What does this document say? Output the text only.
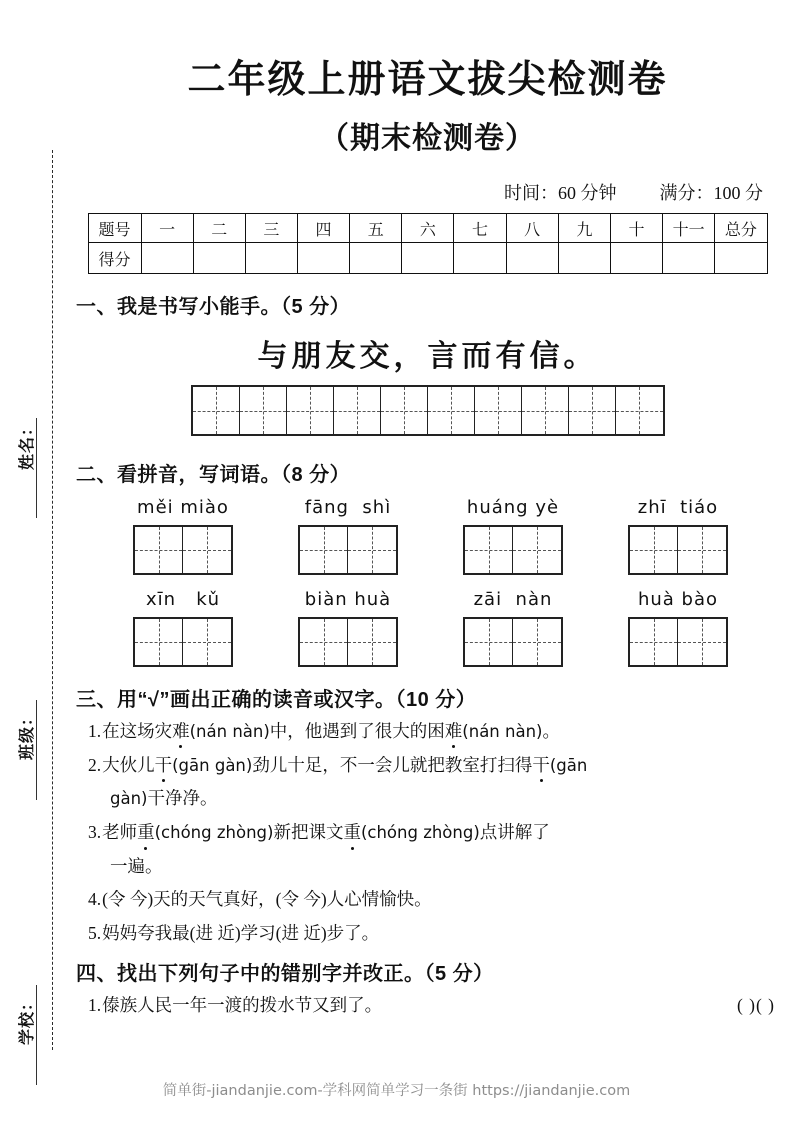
姓名：
班级：
学校：
二年级上册语文拔尖检测卷
（期末检测卷）
时间：60 分钟 满分：100 分
题号	一	二	三	四	五	六	七	八	九	十	十一	总分
得分												
一、我是书写小能手。（5 分）
与朋友交，言而有信。
二、看拼音，写词语。（8 分）
měi miào	fāng  shì	huáng yè	zhī  tiáo
xīn   kǔ	biàn huà	zāi  nàn	huà bào
三、用“√”画出正确的读音或汉字。（10 分）
1.在这场灾难(nán nàn)中，他遇到了很大的困难(nán nàn)。
2.大伙儿干(gān gàn)劲儿十足，不一会儿就把教室打扫得干(gān
gàn)干净净。
3.老师重(chóng zhòng)新把课文重(chóng zhòng)点讲解了
一遍。
4.(令 今)天的天气真好，(令 今)人心情愉快。
5.妈妈夸我最(进 近)学习(进 近)步了。
四、找出下列句子中的错别字并改正。（5 分）
( )( )
1.傣族人民一年一渡的拨水节又到了。
简单街-jiandanjie.com-学科网简单学习一条街 https://jiandanjie.com
